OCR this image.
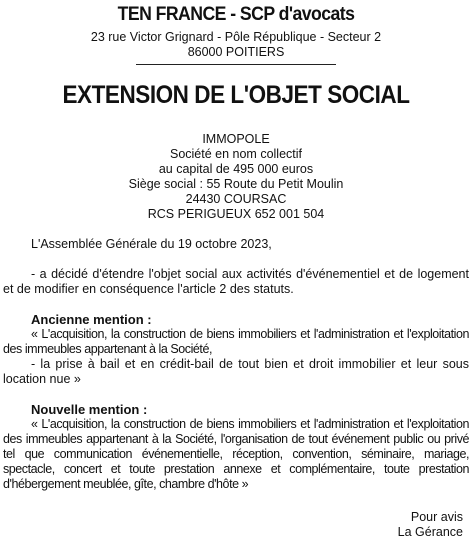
TEN FRANCE - SCP d'avocats
23 rue Victor Grignard - Pôle République - Secteur 2
86000 POITIERS
EXTENSION DE L'OBJET SOCIAL
IMMOPOLE
Société en nom collectif
au capital de 495 000 euros
Siège social : 55 Route du Petit Moulin
24430 COURSAC
RCS PERIGUEUX 652 001 504

L'Assemblée Générale du 19 octobre 2023,

- a décidé d'étendre l'objet social aux activités d'événementiel et de logement et de modifier en conséquence l'article 2 des statuts.

Ancienne mention :

« L'acquisition, la construction de biens immobiliers et l'administration et l'exploitation des immeubles appartenant à la Société,

- la prise à bail et en crédit-bail de tout bien et droit immobilier et leur sous location nue »

Nouvelle mention :

« L'acquisition, la construction de biens immobiliers et l'administration et l'exploitation des immeubles appartenant à la Société, l'organisation de tout événement public ou privé tel que communication événementielle, réception, convention, séminaire, mariage, spectacle, concert et toute prestation annexe et complémentaire, toute prestation d'hébergement meublée, gîte, chambre d'hôte »

Pour avis
La Gérance
